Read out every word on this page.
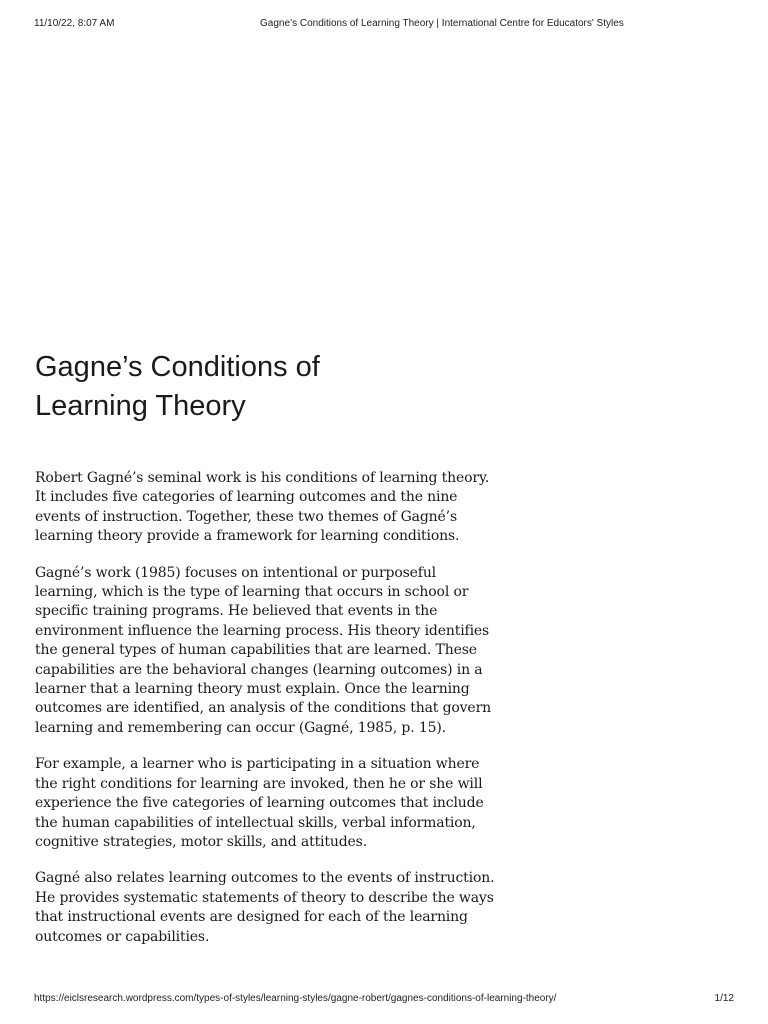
11/10/22, 8:07 AM	Gagne’s Conditions of Learning Theory | International Centre for Educators' Styles
Gagne’s Conditions of
Learning Theory

Robert Gagné’s seminal work is his conditions of learning theory. It includes five categories of learning outcomes and the nine events of instruction. Together, these two themes of Gagné’s learning theory provide a framework for learning conditions.

Gagné’s work (1985) focuses on intentional or purposeful learning, which is the type of learning that occurs in school or specific training programs. He believed that events in the environment influence the learning process. His theory identifies the general types of human capabilities that are learned. These capabilities are the behavioral changes (learning outcomes) in a learner that a learning theory must explain. Once the learning outcomes are identified, an analysis of the conditions that govern learning and remembering can occur (Gagné, 1985, p. 15).

For example, a learner who is participating in a situation where the right conditions for learning are invoked, then he or she will experience the five categories of learning outcomes that include the human capabilities of intellectual skills, verbal information, cognitive strategies, motor skills, and attitudes.

Gagné also relates learning outcomes to the events of instruction. He provides systematic statements of theory to describe the ways that instructional events are designed for each of the learning outcomes or capabilities.

https://eiclsresearch.wordpress.com/types-of-styles/learning-styles/gagne-robert/gagnes-conditions-of-learning-theory/	1/12
